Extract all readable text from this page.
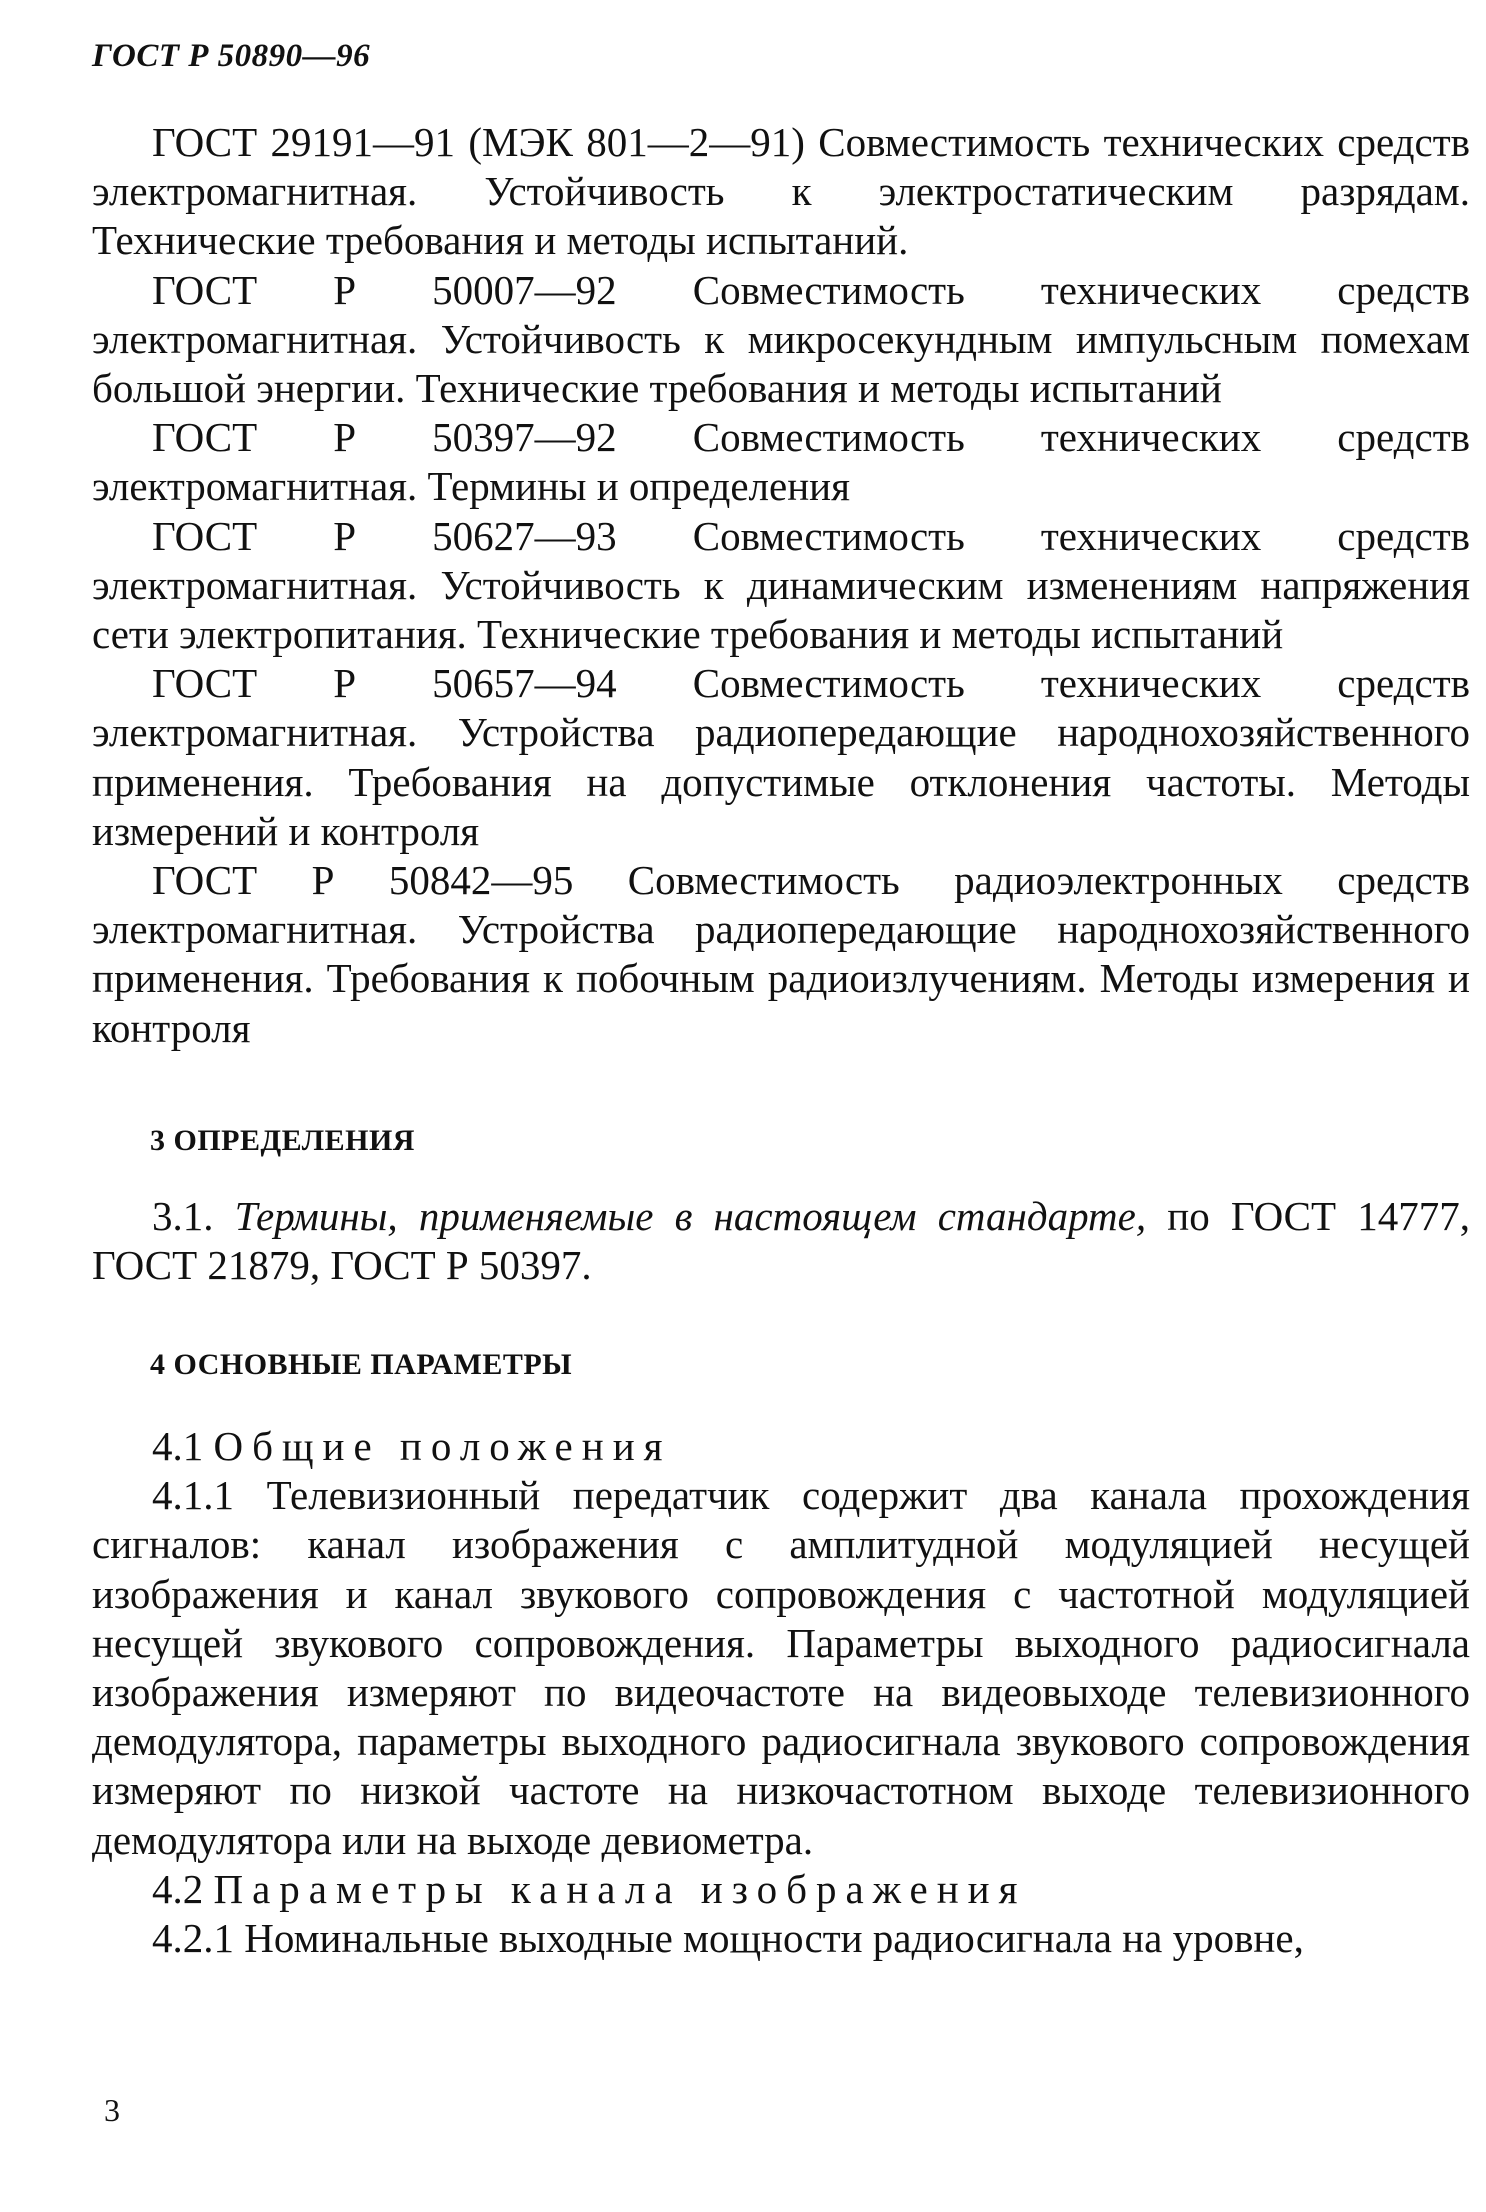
ГОСТ Р 50890—96

ГОСТ 29191—91 (МЭК 801—2—91) Совместимость технических средств электромагнитная. Устойчивость к электростатическим разрядам. Технические требования и методы испытаний.

ГОСТ Р 50007—92 Совместимость технических средств электромагнитная. Устойчивость к микросекундным импульсным помехам большой энергии. Технические требования и методы испытаний

ГОСТ Р 50397—92 Совместимость технических средств электромагнитная. Термины и определения

ГОСТ Р 50627—93 Совместимость технических средств электромагнитная. Устойчивость к динамическим изменениям напряжения сети электропитания. Технические требования и методы испытаний

ГОСТ Р 50657—94 Совместимость технических средств электромагнитная. Устройства радиопередающие народнохозяйственного применения. Требования на допустимые отклонения частоты. Методы измерений и контроля

ГОСТ Р 50842—95 Совместимость радиоэлектронных средств электромагнитная. Устройства радиопередающие народнохозяйственного применения. Требования к побочным радиоизлучениям. Методы измерения и контроля

3 ОПРЕДЕЛЕНИЯ

3.1. Термины, применяемые в настоящем стандарте, по ГОСТ 14777, ГОСТ 21879, ГОСТ Р 50397.

4 ОСНОВНЫЕ ПАРАМЕТРЫ

4.1 Общие положения

4.1.1 Телевизионный передатчик содержит два канала прохождения сигналов: канал изображения с амплитудной модуляцией несущей изображения и канал звукового сопровождения с частотной модуляцией несущей звукового сопровождения. Параметры выходного радиосигнала изображения измеряют по видеочастоте на видеовыходе телевизионного демодулятора, параметры выходного радиосигнала звукового сопровождения измеряют по низкой частоте на низкочастотном выходе телевизионного демодулятора или на выходе девиометра.

4.2 Параметры канала изображения

4.2.1 Номинальные выходные мощности радиосигнала на уровне,

3
